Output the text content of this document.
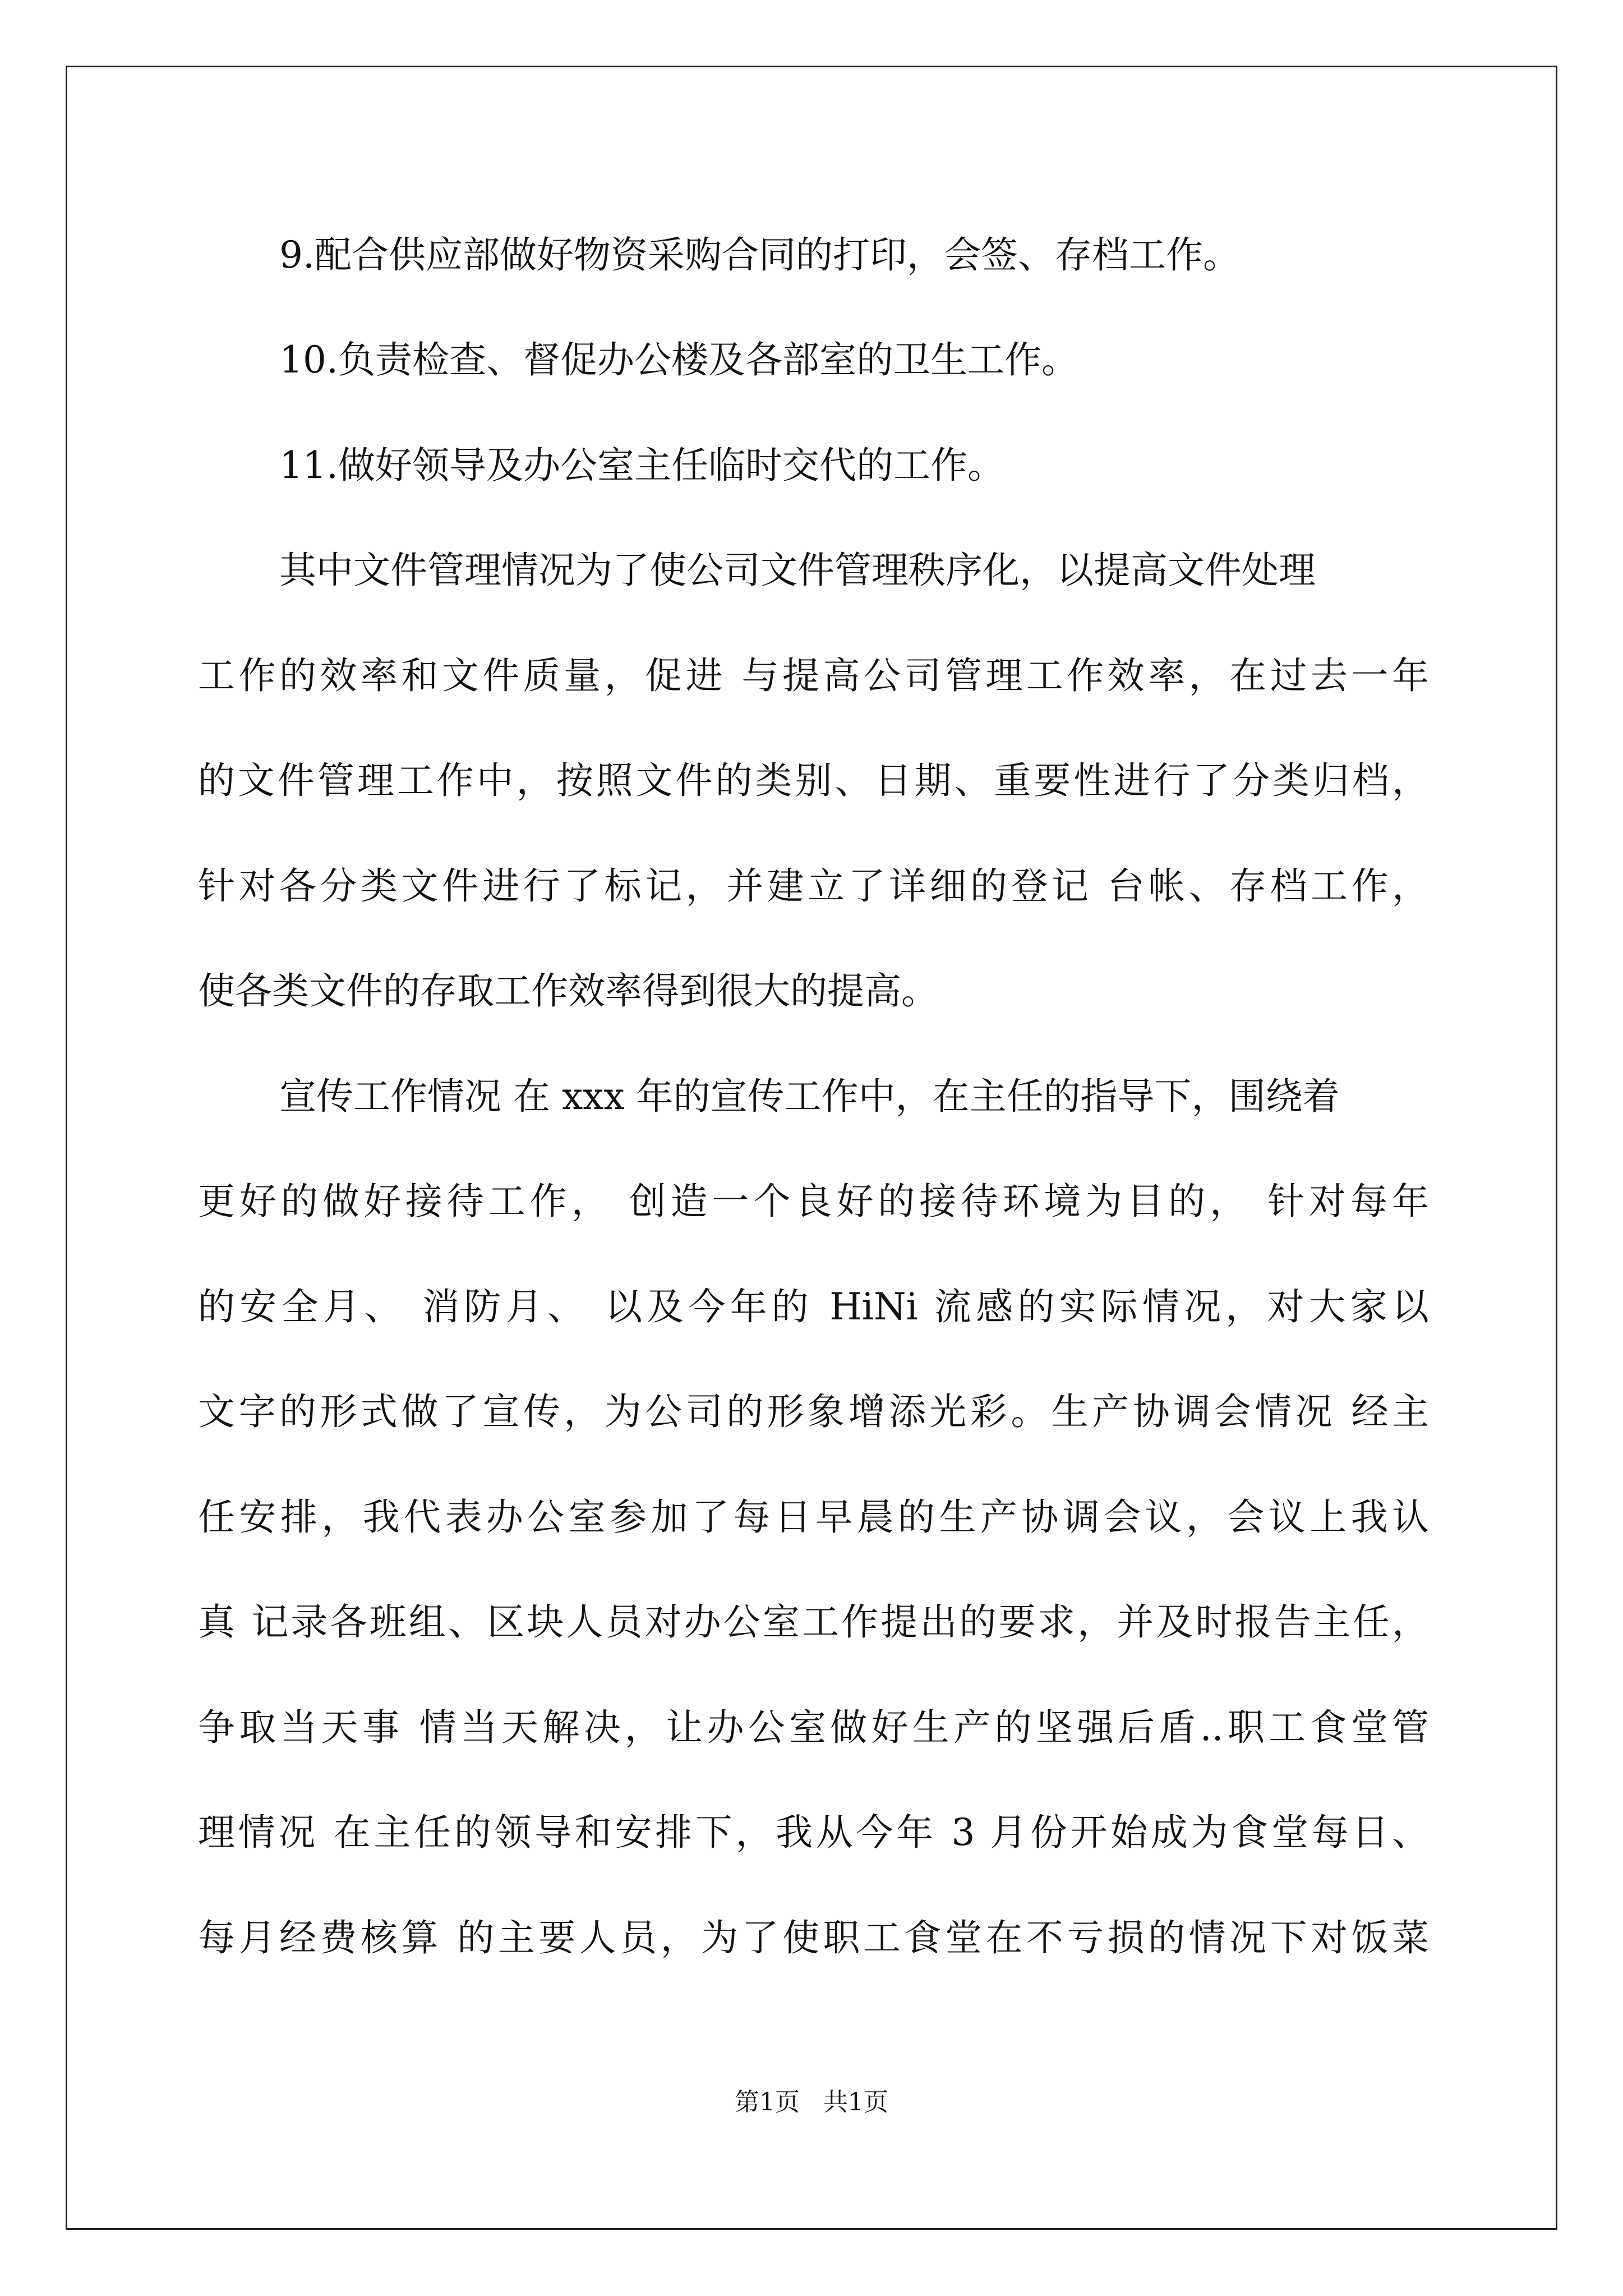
9.配合供应部做好物资采购合同的打印，会签、存档工作。
10.负责检查、督促办公楼及各部室的卫生工作。
11.做好领导及办公室主任临时交代的工作。
其中文件管理情况为了使公司文件管理秩序化，以提高文件处理
工作的效率和文件质量，促进 与提高公司管理工作效率，在过去一年
的文件管理工作中，按照文件的类别、日期、重要性进行了分类归档，
针对各分类文件进行了标记，并建立了详细的登记 台帐、存档工作，
使各类文件的存取工作效率得到很大的提高。
宣传工作情况 在 xxx 年的宣传工作中，在主任的指导下，围绕着
更好的做好接待工作， 创造一个良好的接待环境为目的， 针对每年
的安全月、 消防月、 以及今年的 HiNi 流感的实际情况，对大家以
文字的形式做了宣传，为公司的形象增添光彩。生产协调会情况 经主
任安排，我代表办公室参加了每日早晨的生产协调会议，会议上我认
真 记录各班组、区块人员对办公室工作提出的要求，并及时报告主任，
争取当天事 情当天解决，让办公室做好生产的坚强后盾..职工食堂管
理情况 在主任的领导和安排下，我从今年 3 月份开始成为食堂每日、
每月经费核算 的主要人员，为了使职工食堂在不亏损的情况下对饭菜
第1页   共1页
